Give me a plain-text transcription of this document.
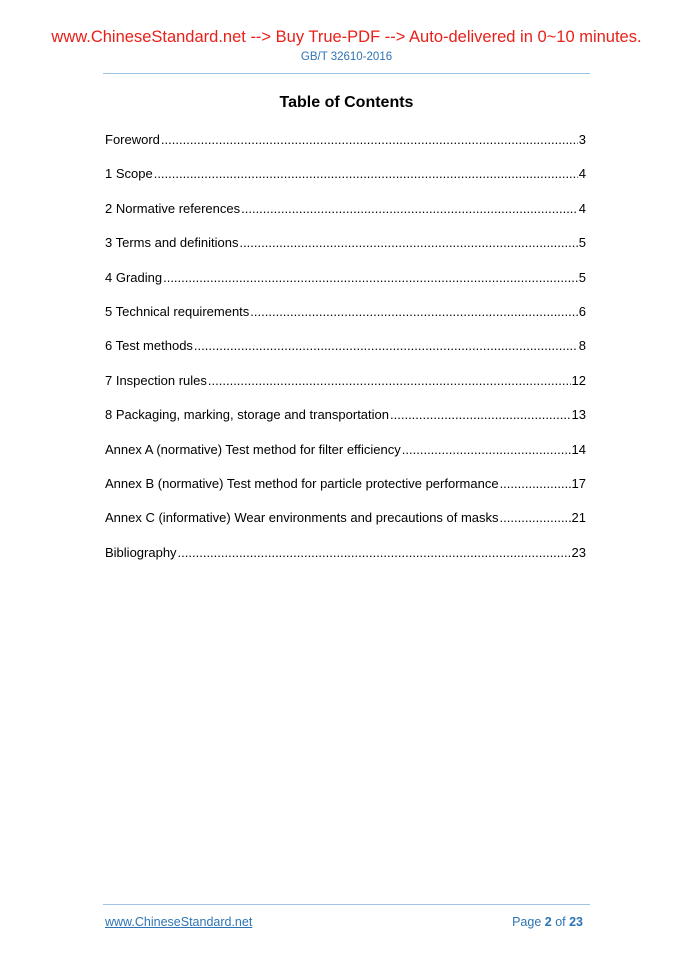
www.ChineseStandard.net --> Buy True-PDF --> Auto-delivered in 0~10 minutes.
GB/T 32610-2016
Table of Contents
Foreword .....	3
1 Scope .....	4
2 Normative references .....	4
3 Terms and definitions .....	5
4 Grading .....	5
5 Technical requirements .....	6
6 Test methods .....	8
7 Inspection rules .....	12
8 Packaging, marking, storage and transportation .....	13
Annex A (normative) Test method for filter efficiency .....	14
Annex B (normative) Test method for particle protective performance .....	17
Annex C (informative) Wear environments and precautions of masks .....	21
Bibliography .....	23
www.ChineseStandard.net	Page 2 of 23
